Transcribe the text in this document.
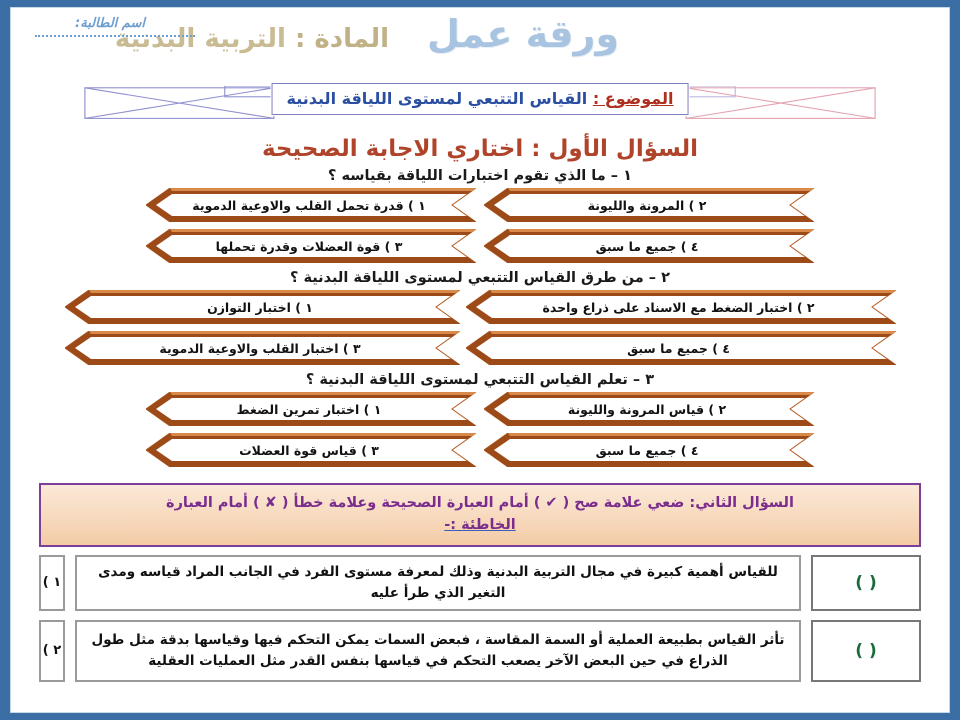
المادة : التربية البدنية	ورقة عمل
اسم الطالبة:
الموضوع : القياس التتبعي لمستوى اللياقة البدنية
السؤال الأول : اختاري الاجابة الصحيحة
١ – ما الذي تقوم اختبارات اللياقة بقياسه ؟
٢ ) المرونة والليونة
١ ) قدرة تحمل القلب والاوعية الدموية
٤ ) جميع ما سبق
٣ ) قوة العضلات وقدرة تحملها
٢ – من طرق القياس التتبعي لمستوى اللياقة البدنية ؟
٢ ) اختبار الضغط مع الاسناد على ذراع واحدة
١ ) اختبار التوازن
٤ ) جميع ما سبق
٣ ) اختبار القلب والاوعية الدموية
٣ – تعلم القياس التتبعي لمستوى اللياقة البدنية ؟
٢ ) قياس المرونة والليونة
١ ) اختبار تمرين الضغط
٤ ) جميع ما سبق
٣ ) قياس قوة العضلات
السؤال الثاني: ضعي علامة صح ( ✔ ) أمام العبارة الصحيحة وعلامة خطأ ( ✘ ) أمام العبارة
الخاطئة :-
( )
للقياس أهمية كبيرة في مجال التربية البدنية وذلك لمعرفة مستوى الفرد في الجانب المراد قياسه ومدى التغير الذي طرأ عليه
١ )
( )
تأثر القياس بطبيعة العملية أو السمة المقاسة ، فبعض السمات يمكن التحكم فيها وقياسها بدقة مثل طول الذراع في حين البعض الآخر يصعب التحكم في قياسها بنفس القدر مثل العمليات العقلية
٢ )
